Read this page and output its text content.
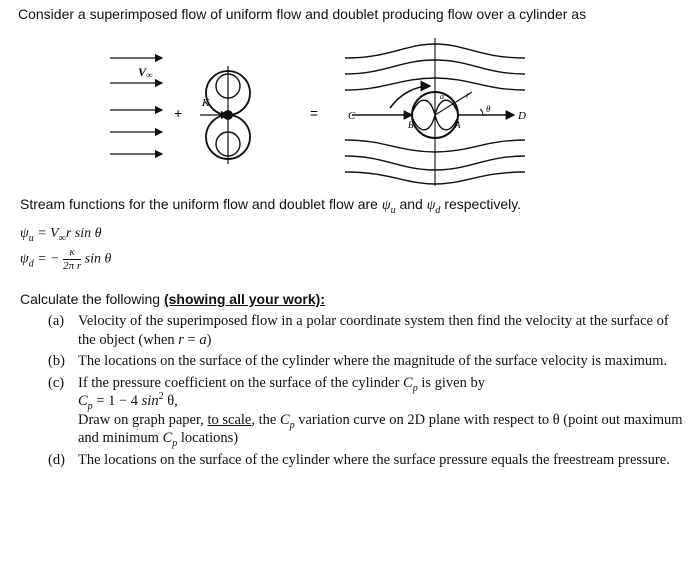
Consider a superimposed flow of uniform flow and doublet producing flow over a cylinder as
V∞
+
K
=	C	D
a
B	A
r
θ
Stream functions for the uniform flow and doublet flow are $\psi_u$ and $\psi_d$ respectively.
$\psi_u = V_\infty r$ sin θ
$\psi_d$ = − $\frac{\kappa}{\text{2π r}}$ sin θ
Calculate the following (showing all your work):
(a) Velocity of the superimposed flow in a polar coordinate system then find the velocity at the surface of the object (when r = a)
(b) The locations on the surface of the cylinder where the magnitude of the surface velocity is maximum.
(c) If the pressure coefficient on the surface of the cylinder $C_p$ is given by
$C_p = 1 - 4$ $\sin^2 \theta$,
Draw on graph paper, to scale, the $C_p$ variation curve on 2D plane with respect to θ (point out maximum and minimum $C_p$ locations)
(d) The locations on the surface of the cylinder where the surface pressure equals the freestream pressure.
